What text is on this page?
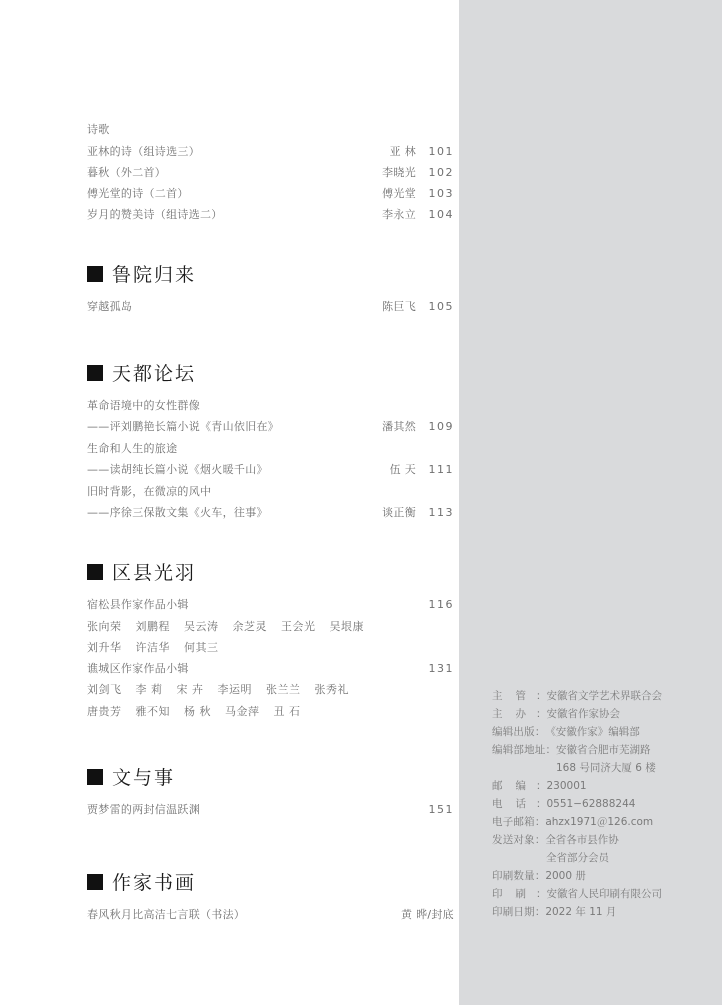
诗歌
亚林的诗（组诗选三）	亚 林	101
暮秋（外二首）	李晓光	102
傅光堂的诗（二首）	傅光堂	103
岁月的赞美诗（组诗选二）	李永立	104
鲁院归来
穿越孤岛	陈巨飞	105
天都论坛
革命语境中的女性群像
——评刘鹏艳长篇小说《青山依旧在》	潘其然	109
生命和人生的旅途
——读胡纯长篇小说《烟火暖千山》	伍 天	111
旧时背影，在微凉的风中
——序徐三保散文集《火车，往事》	谈正衡	113
区县光羽
宿松县作家作品小辑	116
张向荣 刘鹏程 吴云涛 余芝灵 王会光 吴垠康
刘升华 许洁华 何其三
谯城区作家作品小辑	131
刘剑飞 李 莉 宋 卉 李运明 张兰兰 张秀礼
唐贵芳 雅不知 杨 秋 马金萍 丑 石
文与事
贾梦雷的两封信温跃渊	151
作家书画
春风秋月比高洁七言联（书法）	黄 晔/封底
主管：安徽省文学艺术界联合会
主办：安徽省作家协会
编辑出版：《安徽作家》编辑部
编辑部地址：安徽省合肥市芜湖路
168 号同济大厦 6 楼
邮编：230001
电话：0551−62888244
电子邮箱：ahzx1971＠126.com
发送对象：全省各市县作协
全省部分会员
印刷数量：2000 册
印刷：安徽省人民印刷有限公司
印刷日期：2022 年 11 月
